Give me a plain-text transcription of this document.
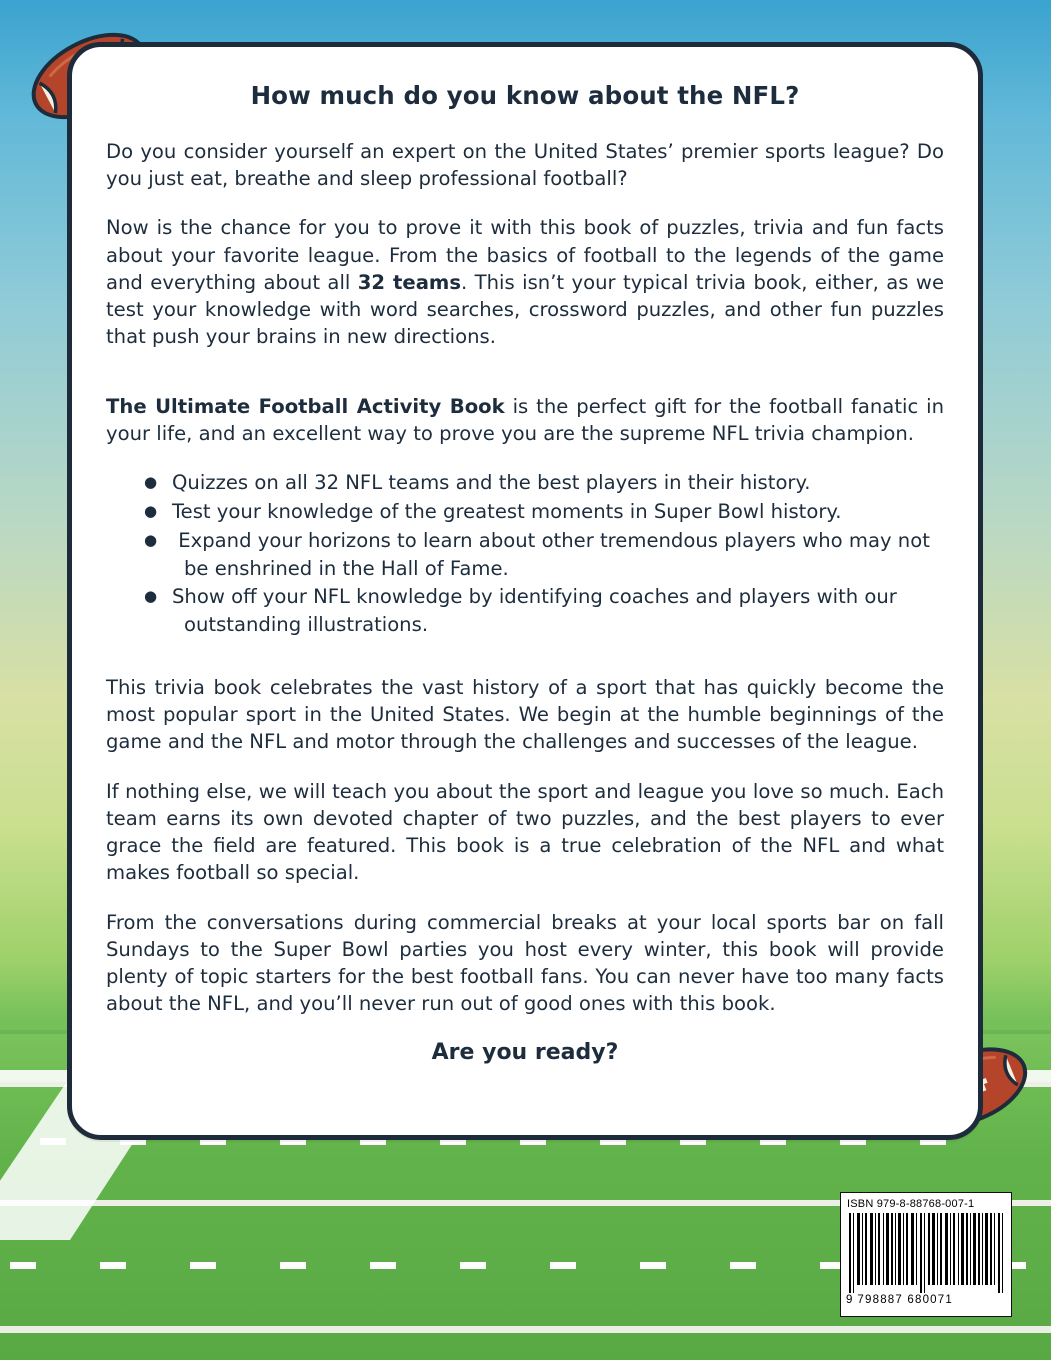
How much do you know about the NFL?

Do you consider yourself an expert on the United States’ premier sports league? Do you just eat, breathe and sleep professional football?

Now is the chance for you to prove it with this book of puzzles, trivia and fun facts about your favorite league. From the basics of football to the legends of the game and everything about all 32 teams. This isn’t your typical trivia book, either, as we test your knowledge with word searches, crossword puzzles, and other fun puzzles that push your brains in new directions.

The Ultimate Football Activity Book is the perfect gift for the football fanatic in your life, and an excellent way to prove you are the supreme NFL trivia champion.

● Quizzes on all 32 NFL teams and the best players in their history.
● Test your knowledge of the greatest moments in Super Bowl history.
● Expand your horizons to learn about other tremendous players who may not be enshrined in the Hall of Fame.
● Show off your NFL knowledge by identifying coaches and players with our outstanding illustrations.

This trivia book celebrates the vast history of a sport that has quickly become the most popular sport in the United States. We begin at the humble beginnings of the game and the NFL and motor through the challenges and successes of the league.

If nothing else, we will teach you about the sport and league you love so much. Each team earns its own devoted chapter of two puzzles, and the best players to ever grace the field are featured. This book is a true celebration of the NFL and what makes football so special.

From the conversations during commercial breaks at your local sports bar on fall Sundays to the Super Bowl parties you host every winter, this book will provide plenty of topic starters for the best football fans. You can never have too many facts about the NFL, and you’ll never run out of good ones with this book.

Are you ready?

ISBN 979-8-88768-007-1
9 798887 680071
